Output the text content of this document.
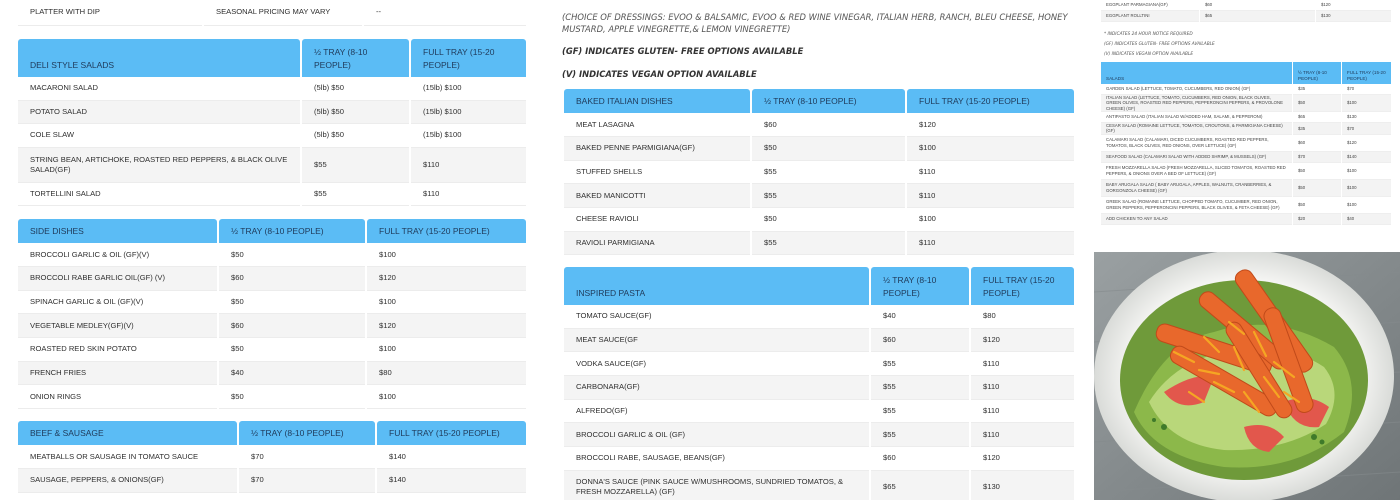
PLATTER WITH DIP	SEASONAL PRICING MAY VARY	--
DELI STYLE SALADS	½ TRAY (8-10 PEOPLE)	FULL TRAY (15-20 PEOPLE)
MACARONI SALAD	(5lb) $50	(15lb) $100
POTATO SALAD	(5lb) $50	(15lb) $100
COLE SLAW	(5lb) $50	(15lb) $100
STRING BEAN, ARTICHOKE, ROASTED RED PEPPERS, & BLACK OLIVE SALAD(GF)	$55	$110
TORTELLINI SALAD	$55	$110
SIDE DISHES	½ TRAY (8-10 PEOPLE)	FULL TRAY (15-20 PEOPLE)
BROCCOLI GARLIC & OIL (GF)(V)	$50	$100
BROCCOLI RABE GARLIC OIL(GF) (V)	$60	$120
SPINACH GARLIC & OIL (GF)(V)	$50	$100
VEGETABLE MEDLEY(GF)(V)	$60	$120
ROASTED RED SKIN POTATO	$50	$100
FRENCH FRIES	$40	$80
ONION RINGS	$50	$100
BEEF & SAUSAGE	½ TRAY (8-10 PEOPLE)	FULL TRAY (15-20 PEOPLE)
MEATBALLS OR SAUSAGE IN TOMATO SAUCE	$70	$140
SAUSAGE, PEPPERS, & ONIONS(GF)	$70	$140
(CHOICE OF DRESSINGS: EVOO & BALSAMIC, EVOO & RED WINE VINEGAR, ITALIAN HERB, RANCH, BLEU CHEESE, HONEY MUSTARD, APPLE VINEGRETTE,& LEMON VINEGRETTE)
(GF) INDICATES GLUTEN- FREE OPTIONS AVAILABLE
(V) INDICATES VEGAN OPTION AVAILABLE
BAKED ITALIAN DISHES	½ TRAY (8-10 PEOPLE)	FULL TRAY (15-20 PEOPLE)
MEAT LASAGNA	$60	$120
BAKED PENNE PARMIGIANA(GF)	$50	$100
STUFFED SHELLS	$55	$110
BAKED MANICOTTI	$55	$110
CHEESE RAVIOLI	$50	$100
RAVIOLI PARMIGIANA	$55	$110
INSPIRED PASTA	½ TRAY (8-10 PEOPLE)	FULL TRAY (15-20 PEOPLE)
TOMATO SAUCE(GF)	$40	$80
MEAT SAUCE(GF	$60	$120
VODKA SAUCE(GF)	$55	$110
CARBONARA(GF)	$55	$110
ALFREDO(GF)	$55	$110
BROCCOLI GARLIC & OIL (GF)	$55	$110
BROCCOLI RABE, SAUSAGE, BEANS(GF)	$60	$120
DONNA'S SAUCE (PINK SAUCE W/MUSHROOMS, SUNDRIED TOMATOS, & FRESH MOZZARELLA) (GF)	$65	$130
EGGPLANT PARMAGIANA(GF)	$60	$120
EGGPLANT ROLLTINI	$65	$130
* INDICATES 24 HOUR NOTICE REQUIRED
(GF) INDICATES GLUTEN- FREE OPTIONS AVAILABLE
(V) INDICATES VEGAN OPTION AVAILABLE
SALADS	½ TRAY (8-10 PEOPLE)	FULL TRAY (15-20 PEOPLE)
GARDEN SALAD (LETTUCE, TOMATO, CUCUMBERS, RED ONION) (GF)	$35	$70
ITALIAN SALAD (LETTUCE, TOMATO, CUCUMBERS, RED ONION, BLACK OLIVES, GREEN OLIVES, ROASTED RED PEPPERS, PEPPERONCINI PEPPERS, & PROVOLONE CHEESE) (GF)	$50	$100
ANTIPASTO SALAD (ITALIAN SALAD W/ADDED HAM, SALAMI, & PEPPERONI)	$65	$130
CESAR SALAD (ROMAINE LETTUCE, TOMATOS, CROUTONS, & PARMIGIANA CHEESE) (GF)	$35	$70
CALAMARI SALAD (CALAMARI, DICED CUCUMBERS, ROASTED RED PEPPERS, TOMATOS, BLACK OLIVES, RED ONIONS, OVER LETTUCE) (GF)	$60	$120
SEAFOOD SALAD (CALAMARI SALAD WITH ADDED SHRIMP, & MUSSELS) (GF)	$70	$140
FRESH MOZZARELLA SALAD (FRESH MOZZARELLA, SLICED TOMATOS, ROASTED RED PEPPERS, & ONIONS OVER A BED OF LETTUCE) (GF)	$50	$100
BABY ARUGALA SALAD ( BABY ARUGALA, APPLES, WALNUTS, CRANBERRIES, & GORGONZOLA CHEESE) (GF)	$50	$100
GREEK SALAD (ROMAINE LETTUCE, CHOPPED TOMATO, CUCUMBER, RED ONION, GREEN PEPPERS, PEPPERONCINI PEPPERS, BLACK OLIVES, & FETA CHEESE) (GF)	$50	$100
ADD CHICKEN TO ANY SALAD	$20	$40
